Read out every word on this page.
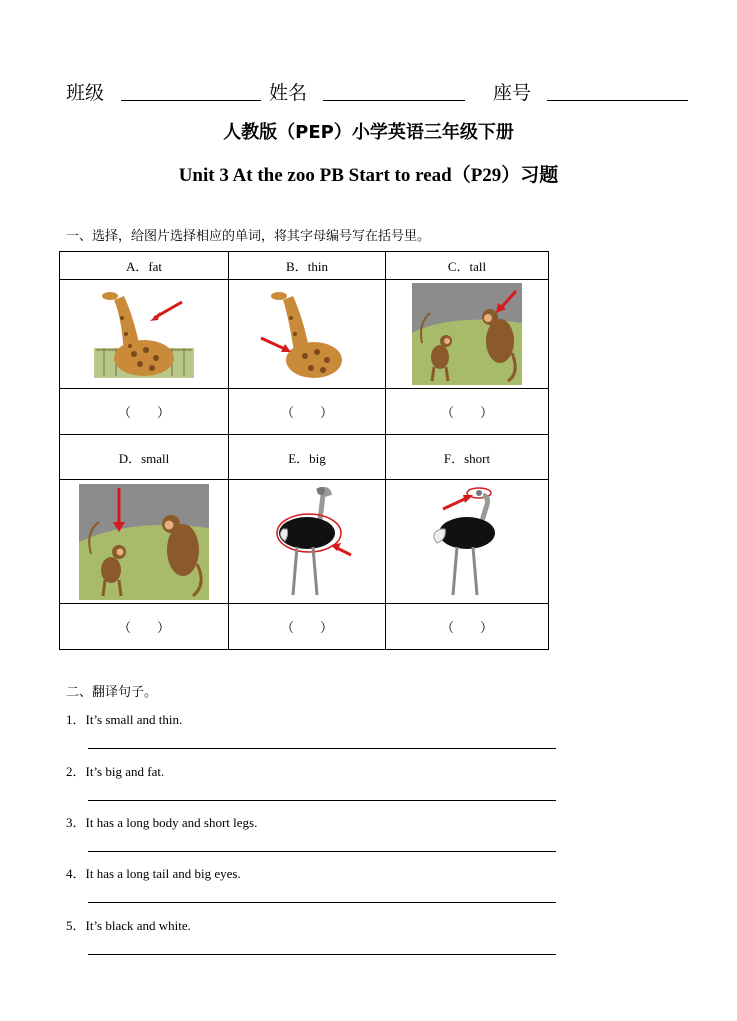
班级	姓名	座号
人教版（PEP）小学英语三年级下册
Unit 3 At the zoo PB Start to read（P29）习题
一、选择，给图片选择相应的单词，将其字母编号写在括号里。
A．fat	B．thin	C．tall

（　　）	（　　）	（　　）
D．small	E．big	F．short

（　　）	（　　）	（　　）
二、翻译句子。
1．It’s small and thin.
2．It’s big and fat.
3．It has a long body and short legs.
4．It has a long tail and big eyes.
5．It’s black and white.
